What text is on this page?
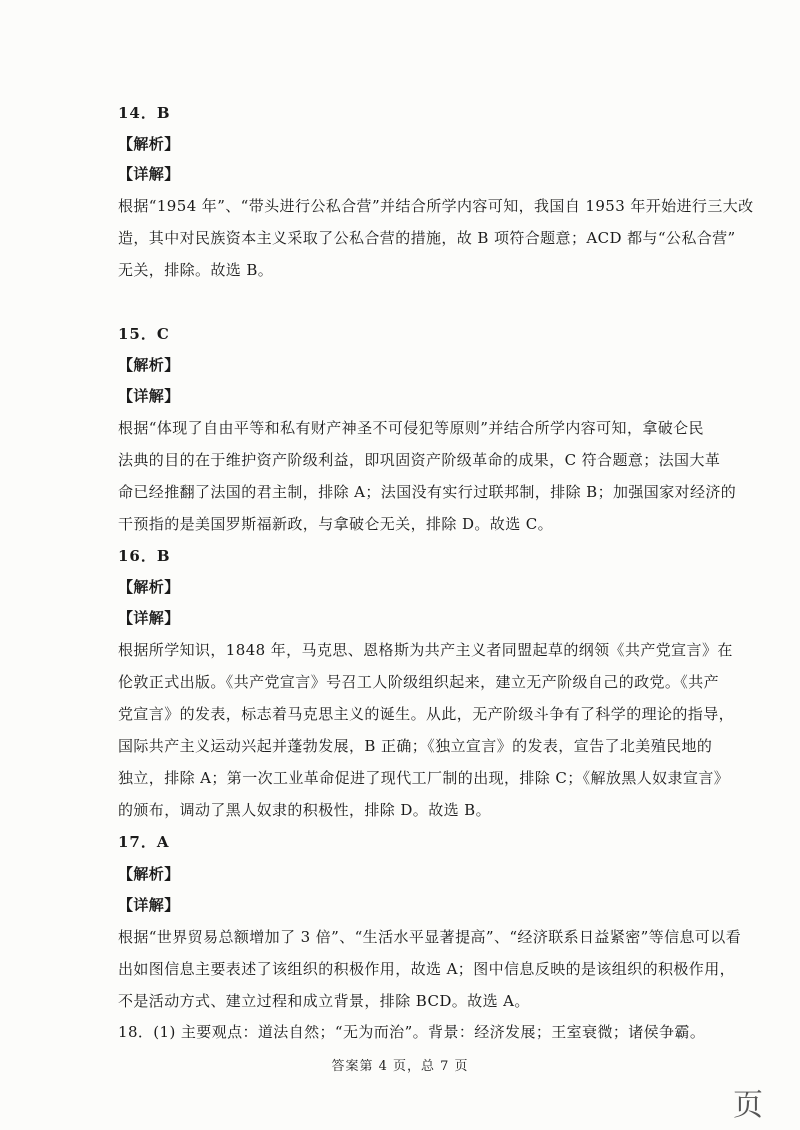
14．B
【解析】
【详解】
根据“1954 年”、“带头进行公私合营”并结合所学内容可知，我国自 1953 年开始进行三大改
造，其中对民族资本主义采取了公私合营的措施，故 B 项符合题意；ACD 都与“公私合营”
无关，排除。故选 B。
15．C
【解析】
【详解】
根据“体现了自由平等和私有财产神圣不可侵犯等原则”并结合所学内容可知，拿破仑民
法典的目的在于维护资产阶级利益，即巩固资产阶级革命的成果，C 符合题意；法国大革
命已经推翻了法国的君主制，排除 A；法国没有实行过联邦制，排除 B；加强国家对经济的
干预指的是美国罗斯福新政，与拿破仑无关，排除 D。故选 C。
16．B
【解析】
【详解】
根据所学知识，1848 年，马克思、恩格斯为共产主义者同盟起草的纲领《共产党宣言》在
伦敦正式出版。《共产党宣言》号召工人阶级组织起来，建立无产阶级自己的政党。《共产
党宣言》的发表，标志着马克思主义的诞生。从此，无产阶级斗争有了科学的理论的指导，
国际共产主义运动兴起并蓬勃发展，B 正确；《独立宣言》的发表，宣告了北美殖民地的
独立，排除 A；第一次工业革命促进了现代工厂制的出现，排除 C；《解放黑人奴隶宣言》
的颁布，调动了黑人奴隶的积极性，排除 D。故选 B。
17．A
【解析】
【详解】
根据“世界贸易总额增加了 3 倍”、“生活水平显著提高”、“经济联系日益紧密”等信息可以看
出如图信息主要表述了该组织的积极作用，故选 A；图中信息反映的是该组织的积极作用，
不是活动方式、建立过程和成立背景，排除 BCD。故选 A。
18．(1) 主要观点：道法自然；“无为而治”。背景：经济发展；王室衰微；诸侯争霸。
答案第 4 页，总 7 页
页
